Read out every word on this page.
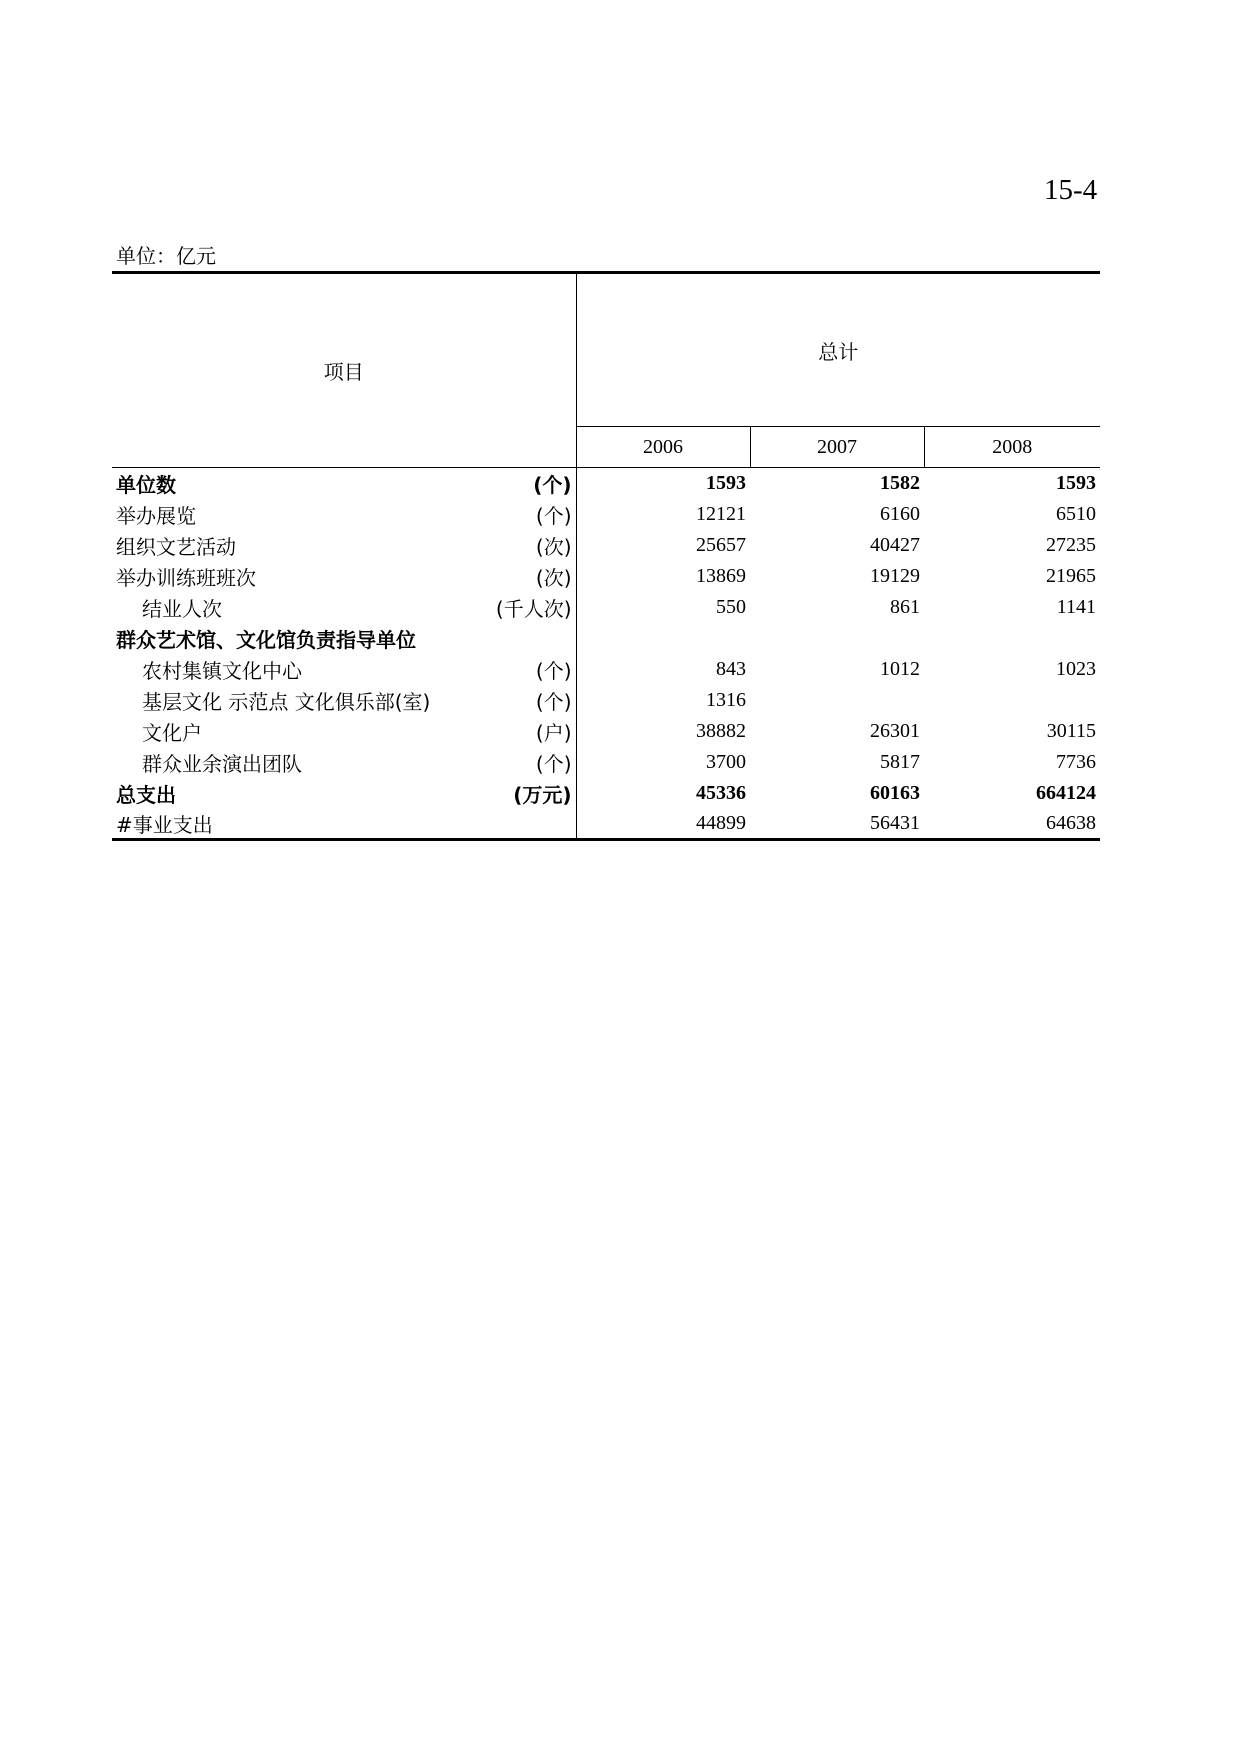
15-4
单位：亿元
项目	总计		
	2006	2007	2008

单位数 (个)	1593	1582	1593

举办展览 (个)	12121	6160	6510

组织文艺活动 (次)	25657	40427	27235

举办训练班班次 (次)	13869	19129	21965

结业人次 (千人次)	550	861	1141

群众艺术馆、文化馆负责指导单位			

农村集镇文化中心 (个)	843	1012	1023

基层文化 示范点 文化俱乐部(室) (个)	1316		

文化户 (户)	38882	26301	30115

群众业余演出团队 (个)	3700	5817	7736

总支出 (万元)	45336	60163	664124

#事业支出	44899	56431	64638
